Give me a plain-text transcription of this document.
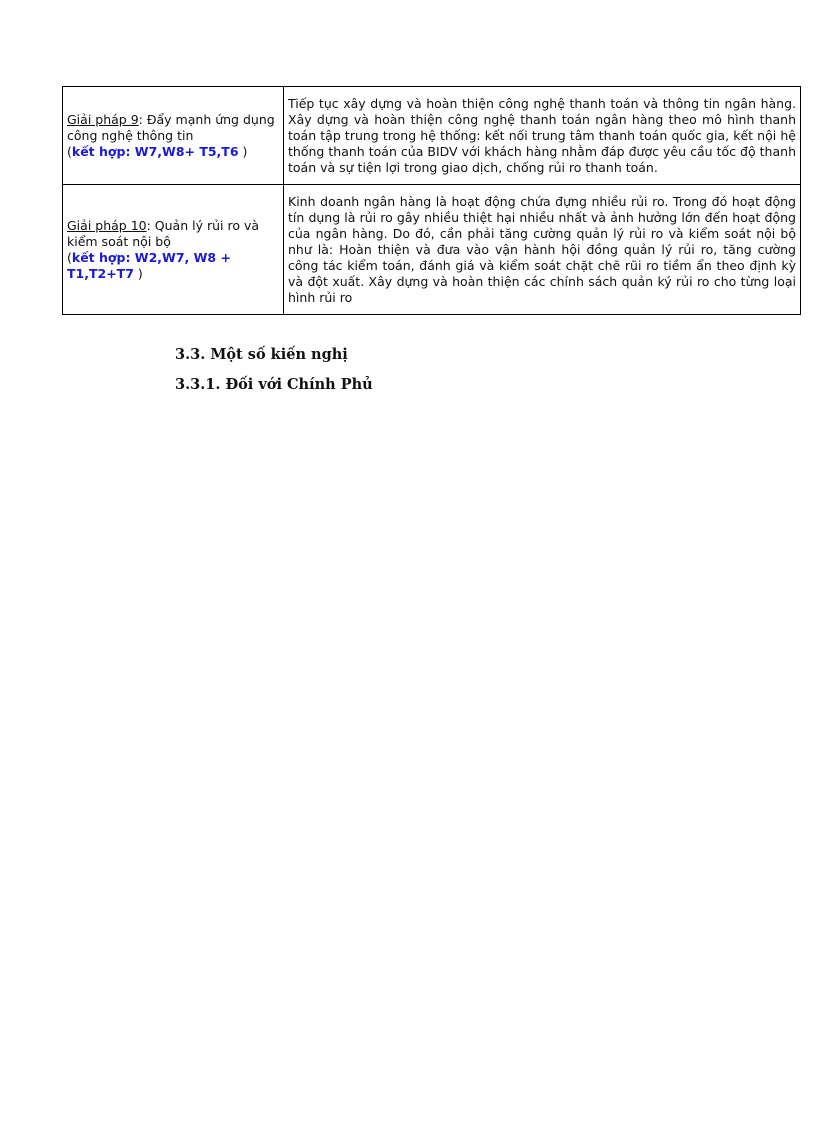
Giải pháp 9: Đẩy mạnh ứng dụng công nghệ thông tin
(kết hợp: W7,W8+ T5,T6 )	Tiếp tục xây dựng và hoàn thiện công nghệ thanh toán và thông tin ngân hàng. Xây dựng và hoàn thiện công nghệ thanh toán ngân hàng theo mô hình thanh toán tập trung trong hệ thống: kết nối trung tâm thanh toán quốc gia, kết nội hệ thống thanh toán của BIDV với khách hàng nhằm đáp được yêu cầu tốc độ thanh toán và sự tiện lợi trong giao dịch, chống rủi ro thanh toán.
Giải pháp 10: Quản lý rủi ro và kiểm soát nội bộ
(kết hợp: W2,W7, W8 + T1,T2+T7 )	Kinh doanh ngân hàng là hoạt động chứa đựng nhiều rủi ro. Trong đó hoạt động tín dụng là rủi ro gây nhiều thiệt hại nhiều nhất và ảnh hưởng lớn đến hoạt động của ngân hàng. Do đó, cần phải tăng cường quản lý rủi ro và kiểm soát nội bộ như là: Hoàn thiện và đưa vào vận hành hội đồng quản lý rủi ro, tăng cường công tác kiểm toán, đánh giá và kiểm soát chặt chẽ rũi ro tiềm ẩn theo định kỳ và đột xuất. Xây dựng và hoàn thiện các chính sách quản ký rủi ro cho từng loại hình rủi ro

3.3. Một số kiến nghị

3.3.1. Đối với Chính Phủ
